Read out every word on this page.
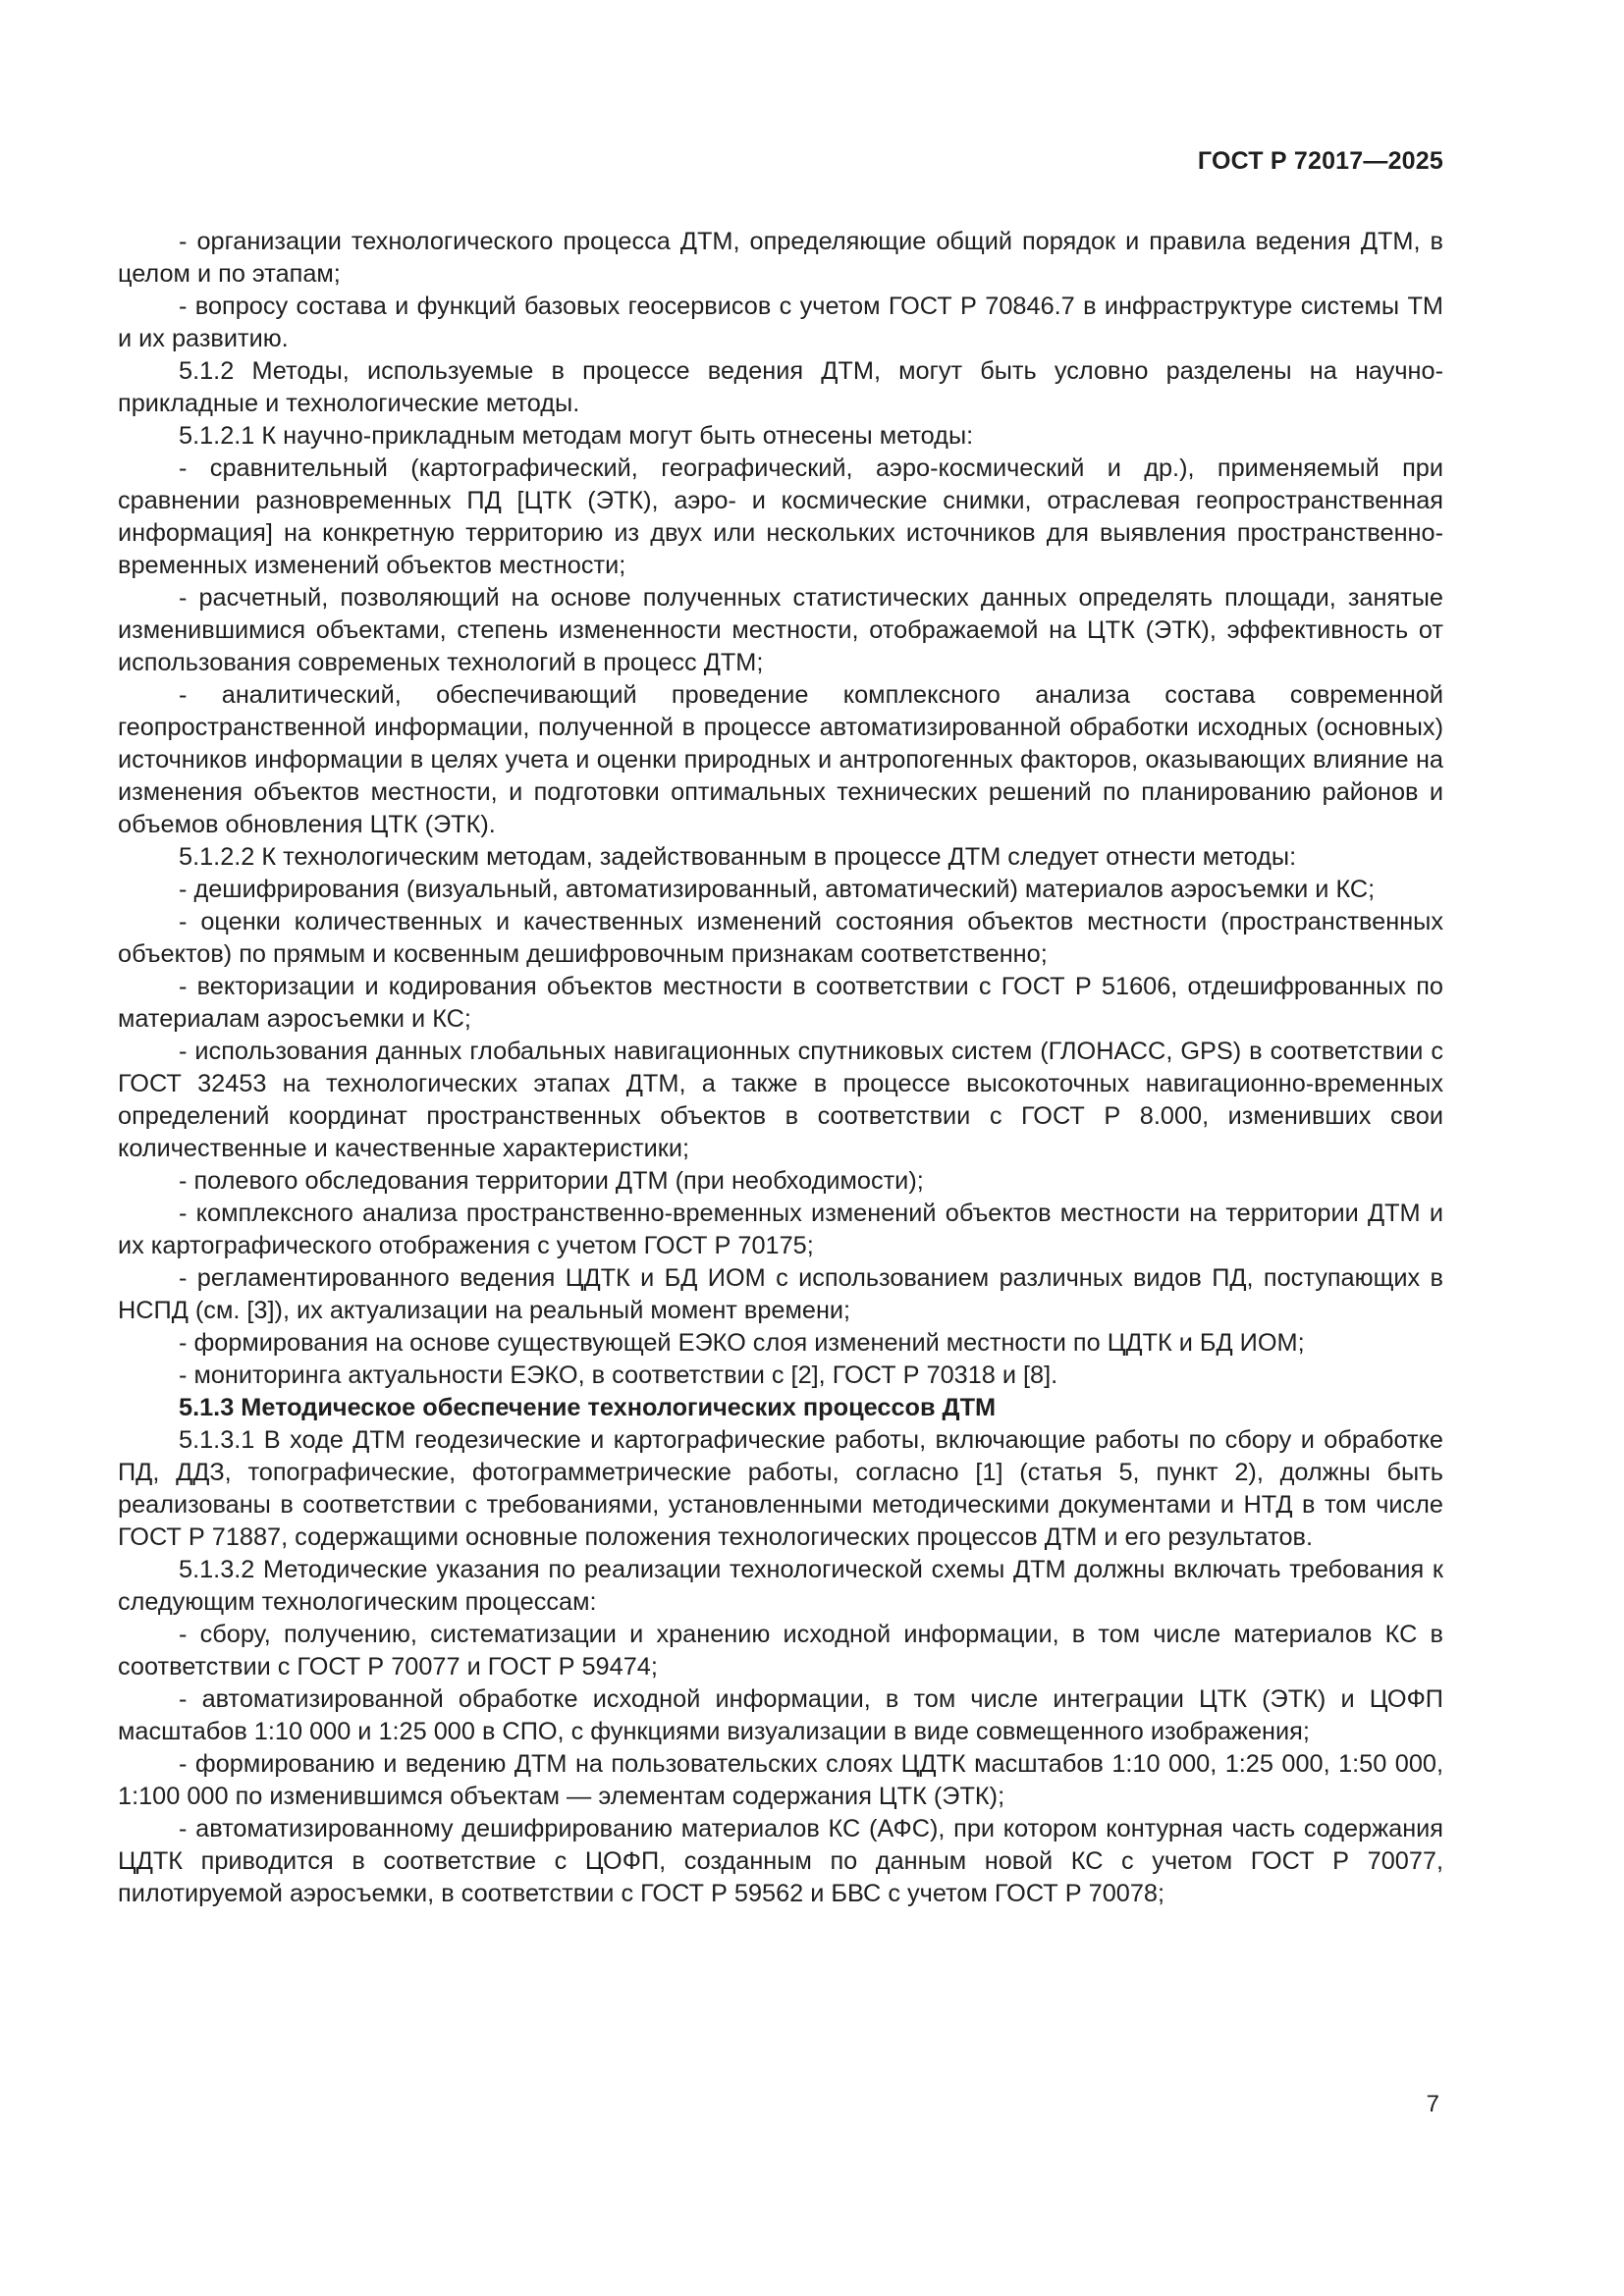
ГОСТ Р 72017—2025

- организации технологического процесса ДТМ, определяющие общий порядок и правила ведения ДТМ, в целом и по этапам;

- вопросу состава и функций базовых геосервисов с учетом ГОСТ Р 70846.7 в инфраструктуре системы ТМ и их развитию.

5.1.2 Методы, используемые в процессе ведения ДТМ, могут быть условно разделены на научно-прикладные и технологические методы.

5.1.2.1 К научно-прикладным методам могут быть отнесены методы:

- сравнительный (картографический, географический, аэро-космический и др.), применяемый при сравнении разновременных ПД [ЦТК (ЭТК), аэро- и космические снимки, отраслевая геопространственная информация] на конкретную территорию из двух или нескольких источников для выявления пространственно-временных изменений объектов местности;

- расчетный, позволяющий на основе полученных статистических данных определять площади, занятые изменившимися объектами, степень измененности местности, отображаемой на ЦТК (ЭТК), эффективность от использования современых технологий в процесс ДТМ;

- аналитический, обеспечивающий проведение комплексного анализа состава современной геопространственной информации, полученной в процессе автоматизированной обработки исходных (основных) источников информации в целях учета и оценки природных и антропогенных факторов, оказывающих влияние на изменения объектов местности, и подготовки оптимальных технических решений по планированию районов и объемов обновления ЦТК (ЭТК).

5.1.2.2 К технологическим методам, задействованным в процессе ДТМ следует отнести методы:

- дешифрирования (визуальный, автоматизированный, автоматический) материалов аэросъемки и КС;

- оценки количественных и качественных изменений состояния объектов местности (пространственных объектов) по прямым и косвенным дешифровочным признакам соответственно;

- векторизации и кодирования объектов местности в соответствии с ГОСТ Р 51606, отдешифрованных по материалам аэросъемки и КС;

- использования данных глобальных навигационных спутниковых систем (ГЛОНАСС, GPS) в соответствии с ГОСТ 32453 на технологических этапах ДТМ, а также в процессе высокоточных навигационно-временных определений координат пространственных объектов в соответствии с ГОСТ Р 8.000, изменивших свои количественные и качественные характеристики;

- полевого обследования территории ДТМ (при необходимости);

- комплексного анализа пространственно-временных изменений объектов местности на территории ДТМ и их картографического отображения с учетом ГОСТ Р 70175;

- регламентированного ведения ЦДТК и БД ИОМ с использованием различных видов ПД, поступающих в НСПД (см. [3]), их актуализации на реальный момент времени;

- формирования на основе существующей ЕЭКО слоя изменений местности по ЦДТК и БД ИОМ;

- мониторинга актуальности ЕЭКО, в соответствии с [2], ГОСТ Р 70318 и [8].

5.1.3 Методическое обеспечение технологических процессов ДТМ

5.1.3.1 В ходе ДТМ геодезические и картографические работы, включающие работы по сбору и обработке ПД, ДДЗ, топографические, фотограмметрические работы, согласно [1] (статья 5, пункт 2), должны быть реализованы в соответствии с требованиями, установленными методическими документами и НТД в том числе ГОСТ Р 71887, содержащими основные положения технологических процессов ДТМ и его результатов.

5.1.3.2 Методические указания по реализации технологической схемы ДТМ должны включать требования к следующим технологическим процессам:

- сбору, получению, систематизации и хранению исходной информации, в том числе материалов КС в соответствии с ГОСТ Р 70077 и ГОСТ Р 59474;

- автоматизированной обработке исходной информации, в том числе интеграции ЦТК (ЭТК) и ЦОФП масштабов 1:10 000 и 1:25 000 в СПО, с функциями визуализации в виде совмещенного изображения;

- формированию и ведению ДТМ на пользовательских слоях ЦДТК масштабов 1:10 000, 1:25 000, 1:50 000, 1:100 000 по изменившимся объектам — элементам содержания ЦТК (ЭТК);

- автоматизированному дешифрированию материалов КС (АФС), при котором контурная часть содержания ЦДТК приводится в соответствие с ЦОФП, созданным по данным новой КС с учетом ГОСТ Р 70077, пилотируемой аэросъемки, в соответствии с ГОСТ Р 59562 и БВС с учетом ГОСТ Р 70078;

7
